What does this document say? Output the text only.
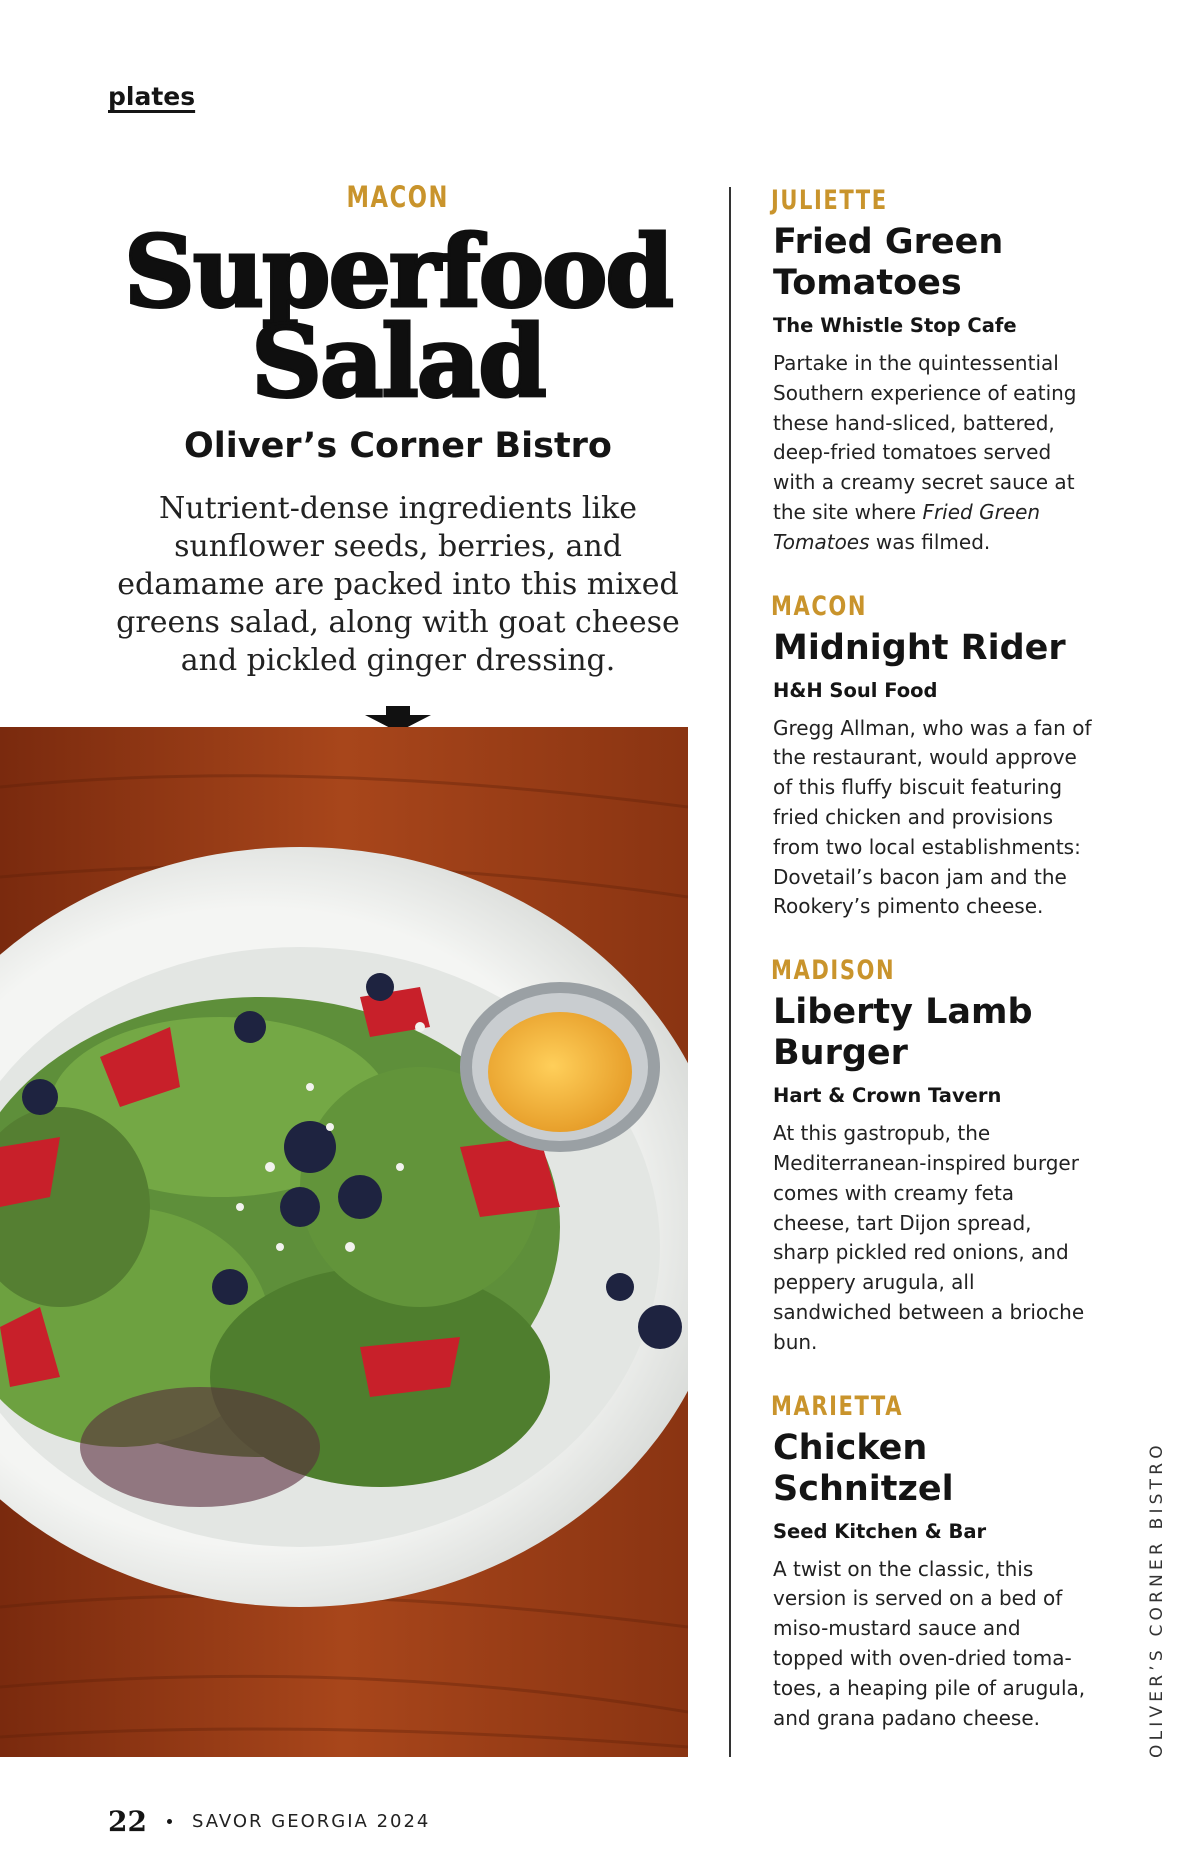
plates
MACON
Superfood
Salad
Oliver’s Corner Bistro
Nutrient-dense ingredients like sunflower seeds, berries, and edamame are packed into this mixed greens salad, along with goat cheese and pickled ginger dressing.
JULIETTE
Fried Green Tomatoes
The Whistle Stop Cafe
Partake in the quintessential Southern experience of eating these hand-sliced, battered, deep-fried tomatoes served with a creamy secret sauce at the site where Fried Green Tomatoes was filmed.
MACON
Midnight Rider
H&H Soul Food
Gregg Allman, who was a fan of the restaurant, would approve of this fluffy biscuit featuring fried chicken and provisions from two local establishments: Dovetail’s bacon jam and the Rookery’s pimento cheese.
MADISON
Liberty Lamb Burger
Hart & Crown Tavern
At this gastropub, the Mediterranean-inspired burger comes with creamy feta cheese, tart Dijon spread, sharp pickled red onions, and peppery arugula, all sandwiched between a brioche bun.
MARIETTA
Chicken Schnitzel
Seed Kitchen & Bar
A twist on the classic, this version is served on a bed of miso-mustard sauce and topped with oven-dried toma-toes, a heaping pile of arugula, and grana padano cheese.	OLIVER’S CORNER BISTRO
22	SAVOR GEORGIA 2024
